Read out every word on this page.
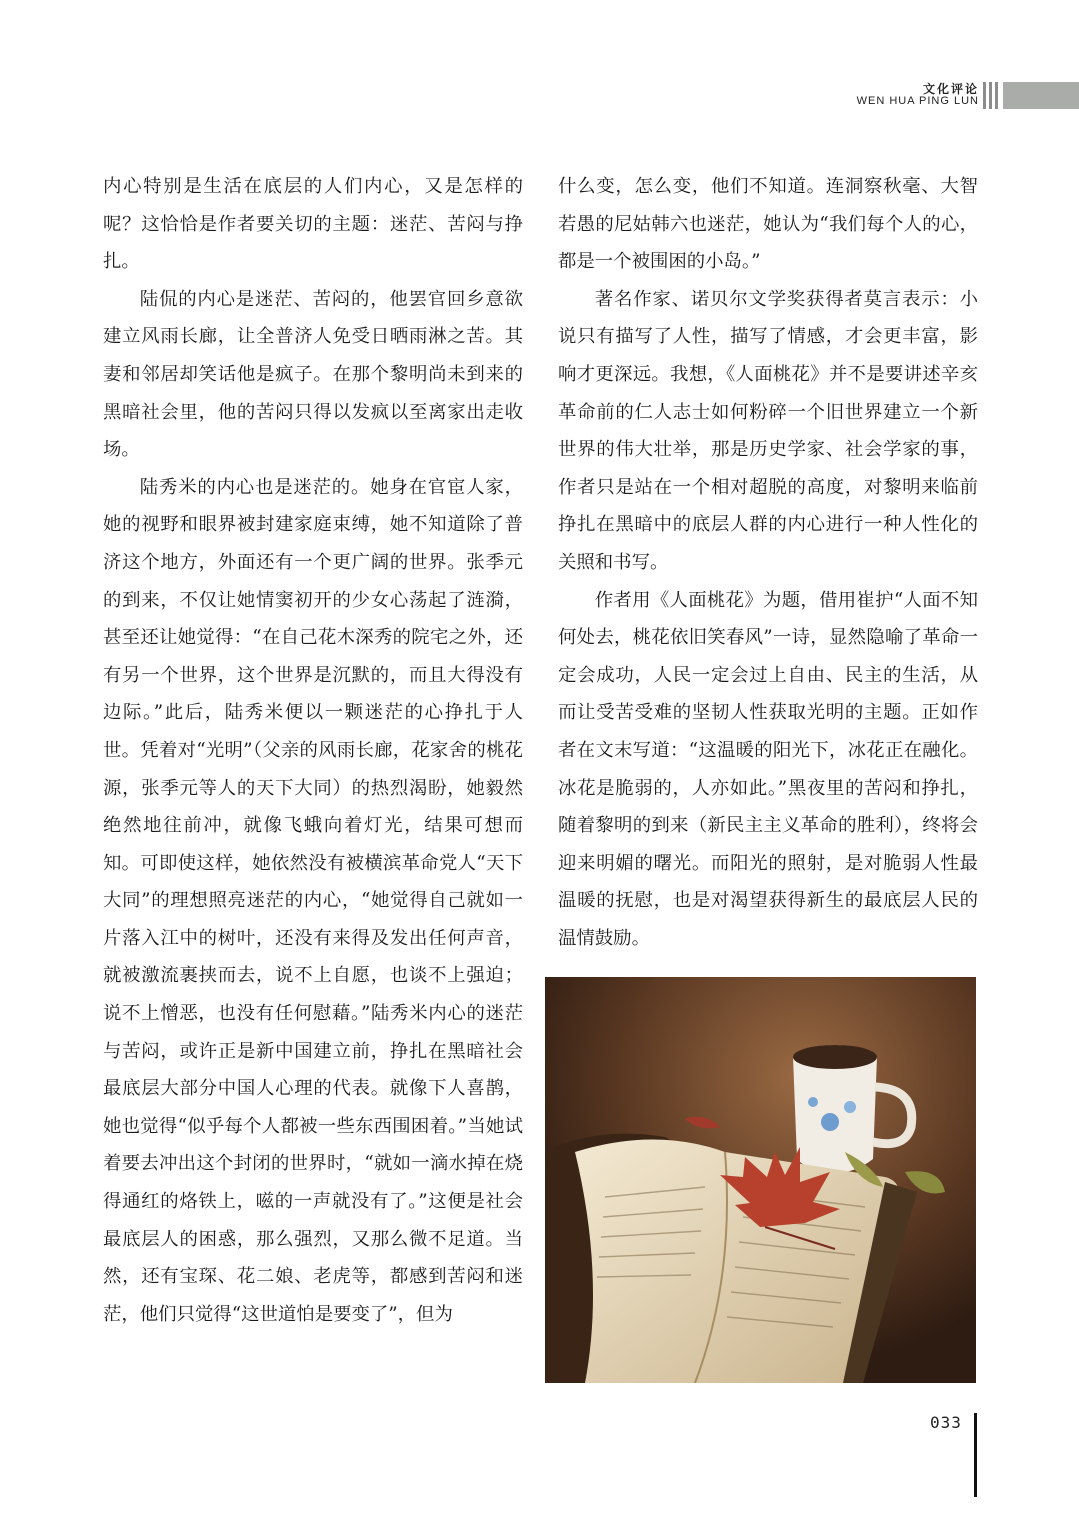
文化评论
WEN HUA PING LUN

内心特别是生活在底层的人们内心，又是怎样的呢？这恰恰是作者要关切的主题：迷茫、苦闷与挣扎。

陆侃的内心是迷茫、苦闷的，他罢官回乡意欲建立风雨长廊，让全普济人免受日晒雨淋之苦。其妻和邻居却笑话他是疯子。在那个黎明尚未到来的黑暗社会里，他的苦闷只得以发疯以至离家出走收场。

陆秀米的内心也是迷茫的。她身在官宦人家，她的视野和眼界被封建家庭束缚，她不知道除了普济这个地方，外面还有一个更广阔的世界。张季元的到来，不仅让她情窦初开的少女心荡起了涟漪，甚至还让她觉得：“在自己花木深秀的院宅之外，还有另一个世界，这个世界是沉默的，而且大得没有边际。”此后，陆秀米便以一颗迷茫的心挣扎于人世。凭着对“光明”（父亲的风雨长廊，花家舍的桃花源，张季元等人的天下大同）的热烈渴盼，她毅然绝然地往前冲，就像飞蛾向着灯光，结果可想而知。可即使这样，她依然没有被横滨革命党人“天下大同”的理想照亮迷茫的内心，“她觉得自己就如一片落入江中的树叶，还没有来得及发出任何声音，就被激流裹挟而去，说不上自愿，也谈不上强迫；说不上憎恶，也没有任何慰藉。”陆秀米内心的迷茫与苦闷，或许正是新中国建立前，挣扎在黑暗社会最底层大部分中国人心理的代表。就像下人喜鹊，她也觉得“似乎每个人都被一些东西围困着。”当她试着要去冲出这个封闭的世界时，“就如一滴水掉在烧得通红的烙铁上，嗞的一声就没有了。”这便是社会最底层人的困惑，那么强烈，又那么微不足道。当然，还有宝琛、花二娘、老虎等，都感到苦闷和迷茫，他们只觉得“这世道怕是要变了”，但为

什么变，怎么变，他们不知道。连洞察秋毫、大智若愚的尼姑韩六也迷茫，她认为“我们每个人的心，都是一个被围困的小岛。”

著名作家、诺贝尔文学奖获得者莫言表示：小说只有描写了人性，描写了情感，才会更丰富，影响才更深远。我想，《人面桃花》并不是要讲述辛亥革命前的仁人志士如何粉碎一个旧世界建立一个新世界的伟大壮举，那是历史学家、社会学家的事，作者只是站在一个相对超脱的高度，对黎明来临前挣扎在黑暗中的底层人群的内心进行一种人性化的关照和书写。

作者用《人面桃花》为题，借用崔护“人面不知何处去，桃花依旧笑春风”一诗，显然隐喻了革命一定会成功，人民一定会过上自由、民主的生活，从而让受苦受难的坚韧人性获取光明的主题。正如作者在文末写道：“这温暖的阳光下，冰花正在融化。冰花是脆弱的，人亦如此。”黑夜里的苦闷和挣扎，随着黎明的到来（新民主主义革命的胜利），终将会迎来明媚的曙光。而阳光的照射，是对脆弱人性最温暖的抚慰，也是对渴望获得新生的最底层人民的温情鼓励。

033
